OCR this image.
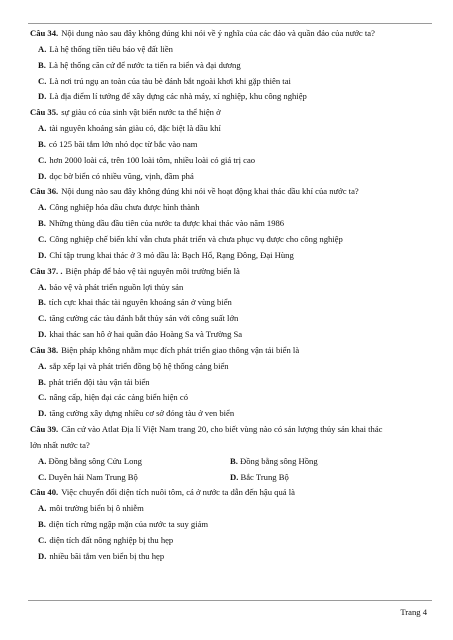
Câu 34. Nội dung nào sau đây không đúng khi nói về ý nghĩa của các đảo và quần đảo của nước ta?
A. Là hệ thống tiền tiêu bảo vệ đất liền
B. Là hệ thống căn cứ để nước ta tiến ra biển và đại dương
C. Là nơi trú ngụ an toàn của tàu bè đánh bắt ngoài khơi khi gặp thiên tai
D. Là địa điểm lí tưởng để xây dựng các nhà máy, xí nghiệp, khu công nghiệp
Câu 35. sự giàu có của sinh vật biển nước ta thể hiện ở
A. tài nguyên khoáng sản giàu có, đặc biệt là dầu khí
B. có 125 bãi tắm lớn nhỏ dọc từ bắc vào nam
C. hơn 2000 loài cá, trên 100 loài tôm, nhiều loài có giá trị cao
D. dọc bờ biển có nhiều vũng, vịnh, đầm phá
Câu 36. Nội dung nào sau đây không đúng khi nói về hoạt động khai thác dầu khí của nước ta?
A. Công nghiệp hóa dầu chưa được hình thành
B. Những thùng dầu đầu tiên của nước ta được khai thác vào năm 1986
C. Công nghiệp chế biến khí vẫn chưa phát triển và chưa phục vụ được cho công nghiệp
D. Chỉ tập trung khai thác ở 3 mỏ dầu là: Bạch Hổ, Rạng Đông, Đại Hùng
Câu 37. . Biện pháp để bảo vệ tài nguyên môi trường biển là
A. bảo vệ và phát triển nguồn lợi thủy sản
B. tích cực khai thác tài nguyên khoáng sản ở vùng biển
C. tăng cường các tàu đánh bắt thủy sản với công suất lớn
D. khai thác san hô ở hai quần đảo Hoàng Sa và Trường Sa
Câu 38. Biện pháp không nhằm mục đích phát triển giao thông vận tải biển là
A. sắp xếp lại và phát triển đồng bộ hệ thống cảng biển
B. phát triển đội tàu vận tải biển
C. nâng cấp, hiện đại các cảng biển hiện có
D. tăng cường xây dựng nhiều cơ sở đóng tàu ở ven biển
Câu 39. Căn cứ vào Atlat Địa lí Việt Nam trang 20, cho biết vùng nào có sản lượng thủy sản khai thác
lớn nhất nước ta?
A. Đồng bằng sông Cửu Long	B. Đồng bằng sông Hồng
C. Duyên hải Nam Trung Bộ	D. Bắc Trung Bộ
Câu 40. Việc chuyển đổi diện tích nuôi tôm, cá ở nước ta dẫn đến hậu quả là
A. môi trường biển bị ô nhiễm
B. diện tích rừng ngập mặn của nước ta suy giảm
C. diện tích đất nông nghiệp bị thu hẹp
D. nhiều bãi tắm ven biển bị thu hẹp
Trang 4
